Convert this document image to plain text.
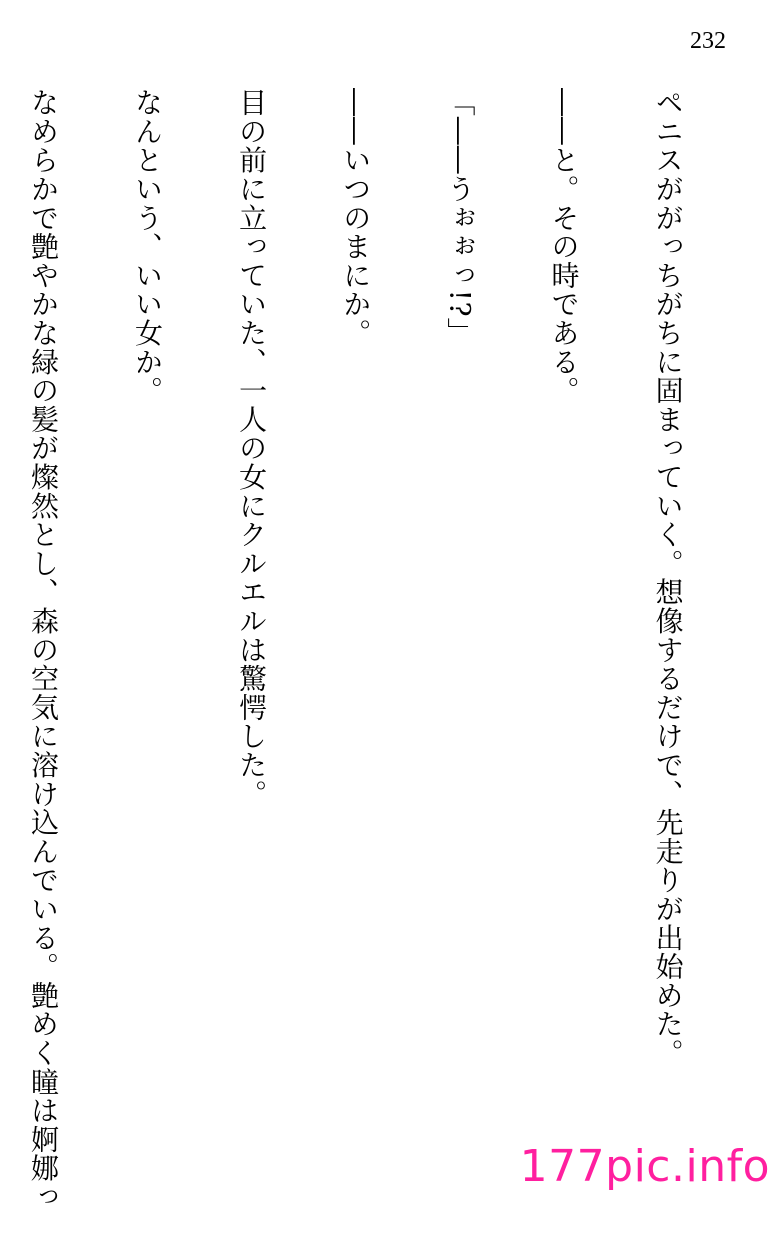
232

ペニスががっちがちに固まっていく。想像するだけで、先走りが出始めた。

――と。その時である。

「――うぉぉっ!?」

――いつのまにか。

目の前に立っていた、一人の女にクルエルは驚愕した。

なんという、いい女か。

なめらかで艶やかな緑の髪が燦然とし、森の空気に溶け込んでいる。艶めく瞳は婀娜っ

	177pic.info
